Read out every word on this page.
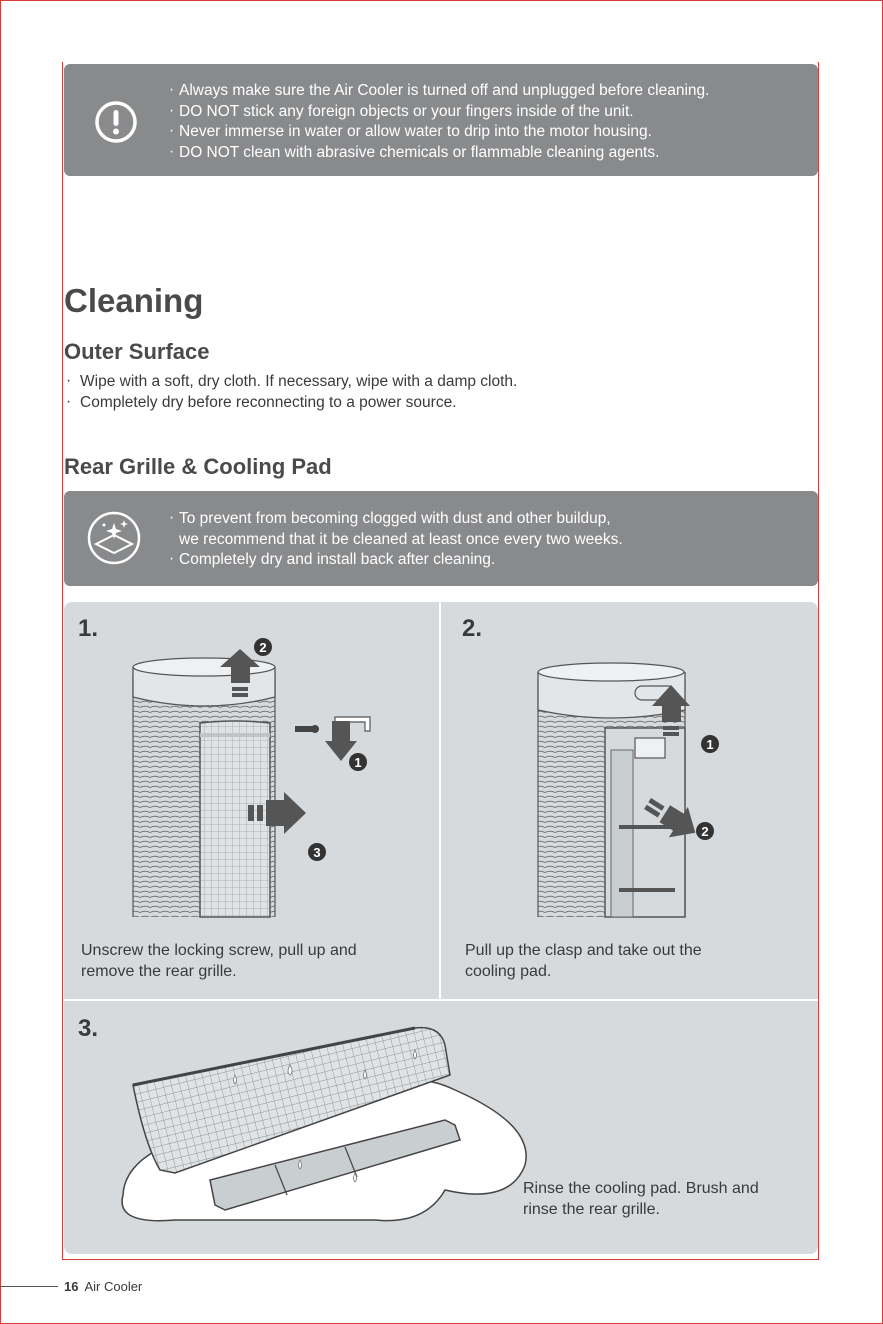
· Always make sure the Air Cooler is turned off and unplugged before cleaning.
· DO NOT stick any foreign objects or your fingers inside of the unit.
· Never immerse in water or allow water to drip into the motor housing.
· DO NOT clean with abrasive chemicals or flammable cleaning agents.
Cleaning
Outer Surface
· Wipe with a soft, dry cloth. If necessary, wipe with a damp cloth.
· Completely dry before reconnecting to a power source.
Rear Grille & Cooling Pad
· To prevent from becoming clogged with dust and other buildup,
we recommend that it be cleaned at least once every two weeks.
· Completely dry and install back after cleaning.
1.	2.
3.
1
2
3
1
2
Unscrew the locking screw, pull up and
remove the rear grille.
Pull up the clasp and take out the
cooling pad.
Rinse the cooling pad. Brush and
rinse the rear grille.
16 Air Cooler
